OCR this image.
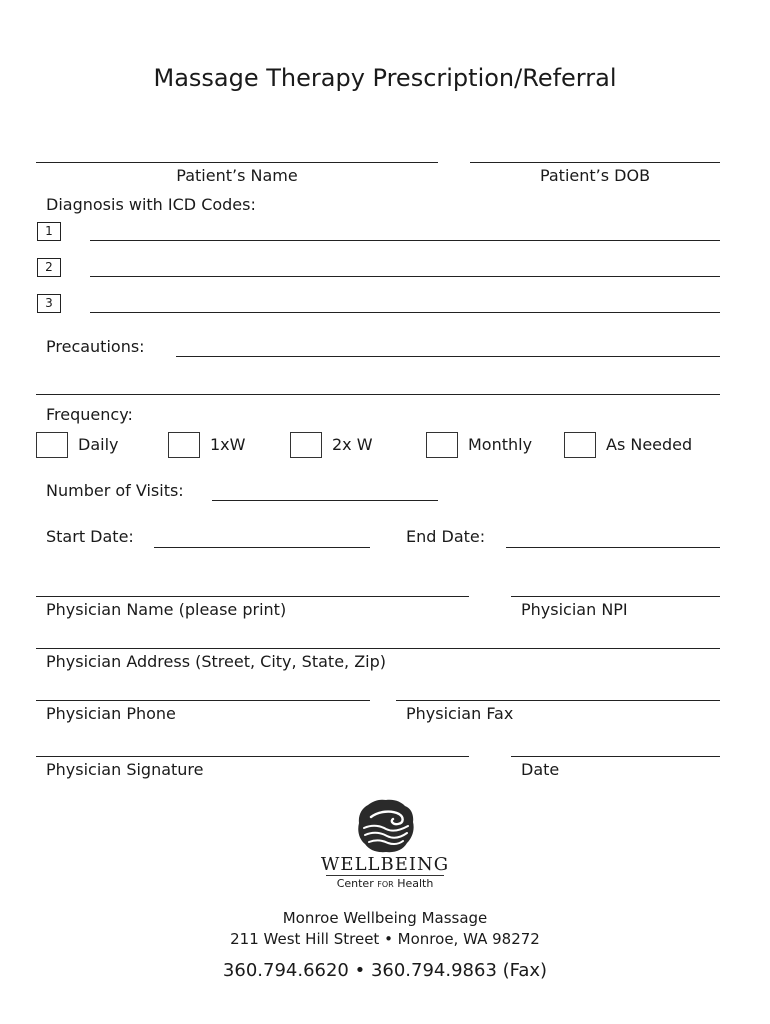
Massage Therapy Prescription/Referral
Patient’s Name	Patient’s DOB
Diagnosis with ICD Codes:
1
2
3
Precautions:
Frequency:
Daily	1xW	2x W	Monthly	As Needed
Number of Visits:
Start Date:	End Date:
Physician Name (please print)	Physician NPI
Physician Address (Street, City, State, Zip)
Physician Phone	Physician Fax
Physician Signature	Date
WELLBEING
Center FOR Health
Monroe Wellbeing Massage
211 West Hill Street • Monroe, WA 98272
360.794.6620 • 360.794.9863 (Fax)
